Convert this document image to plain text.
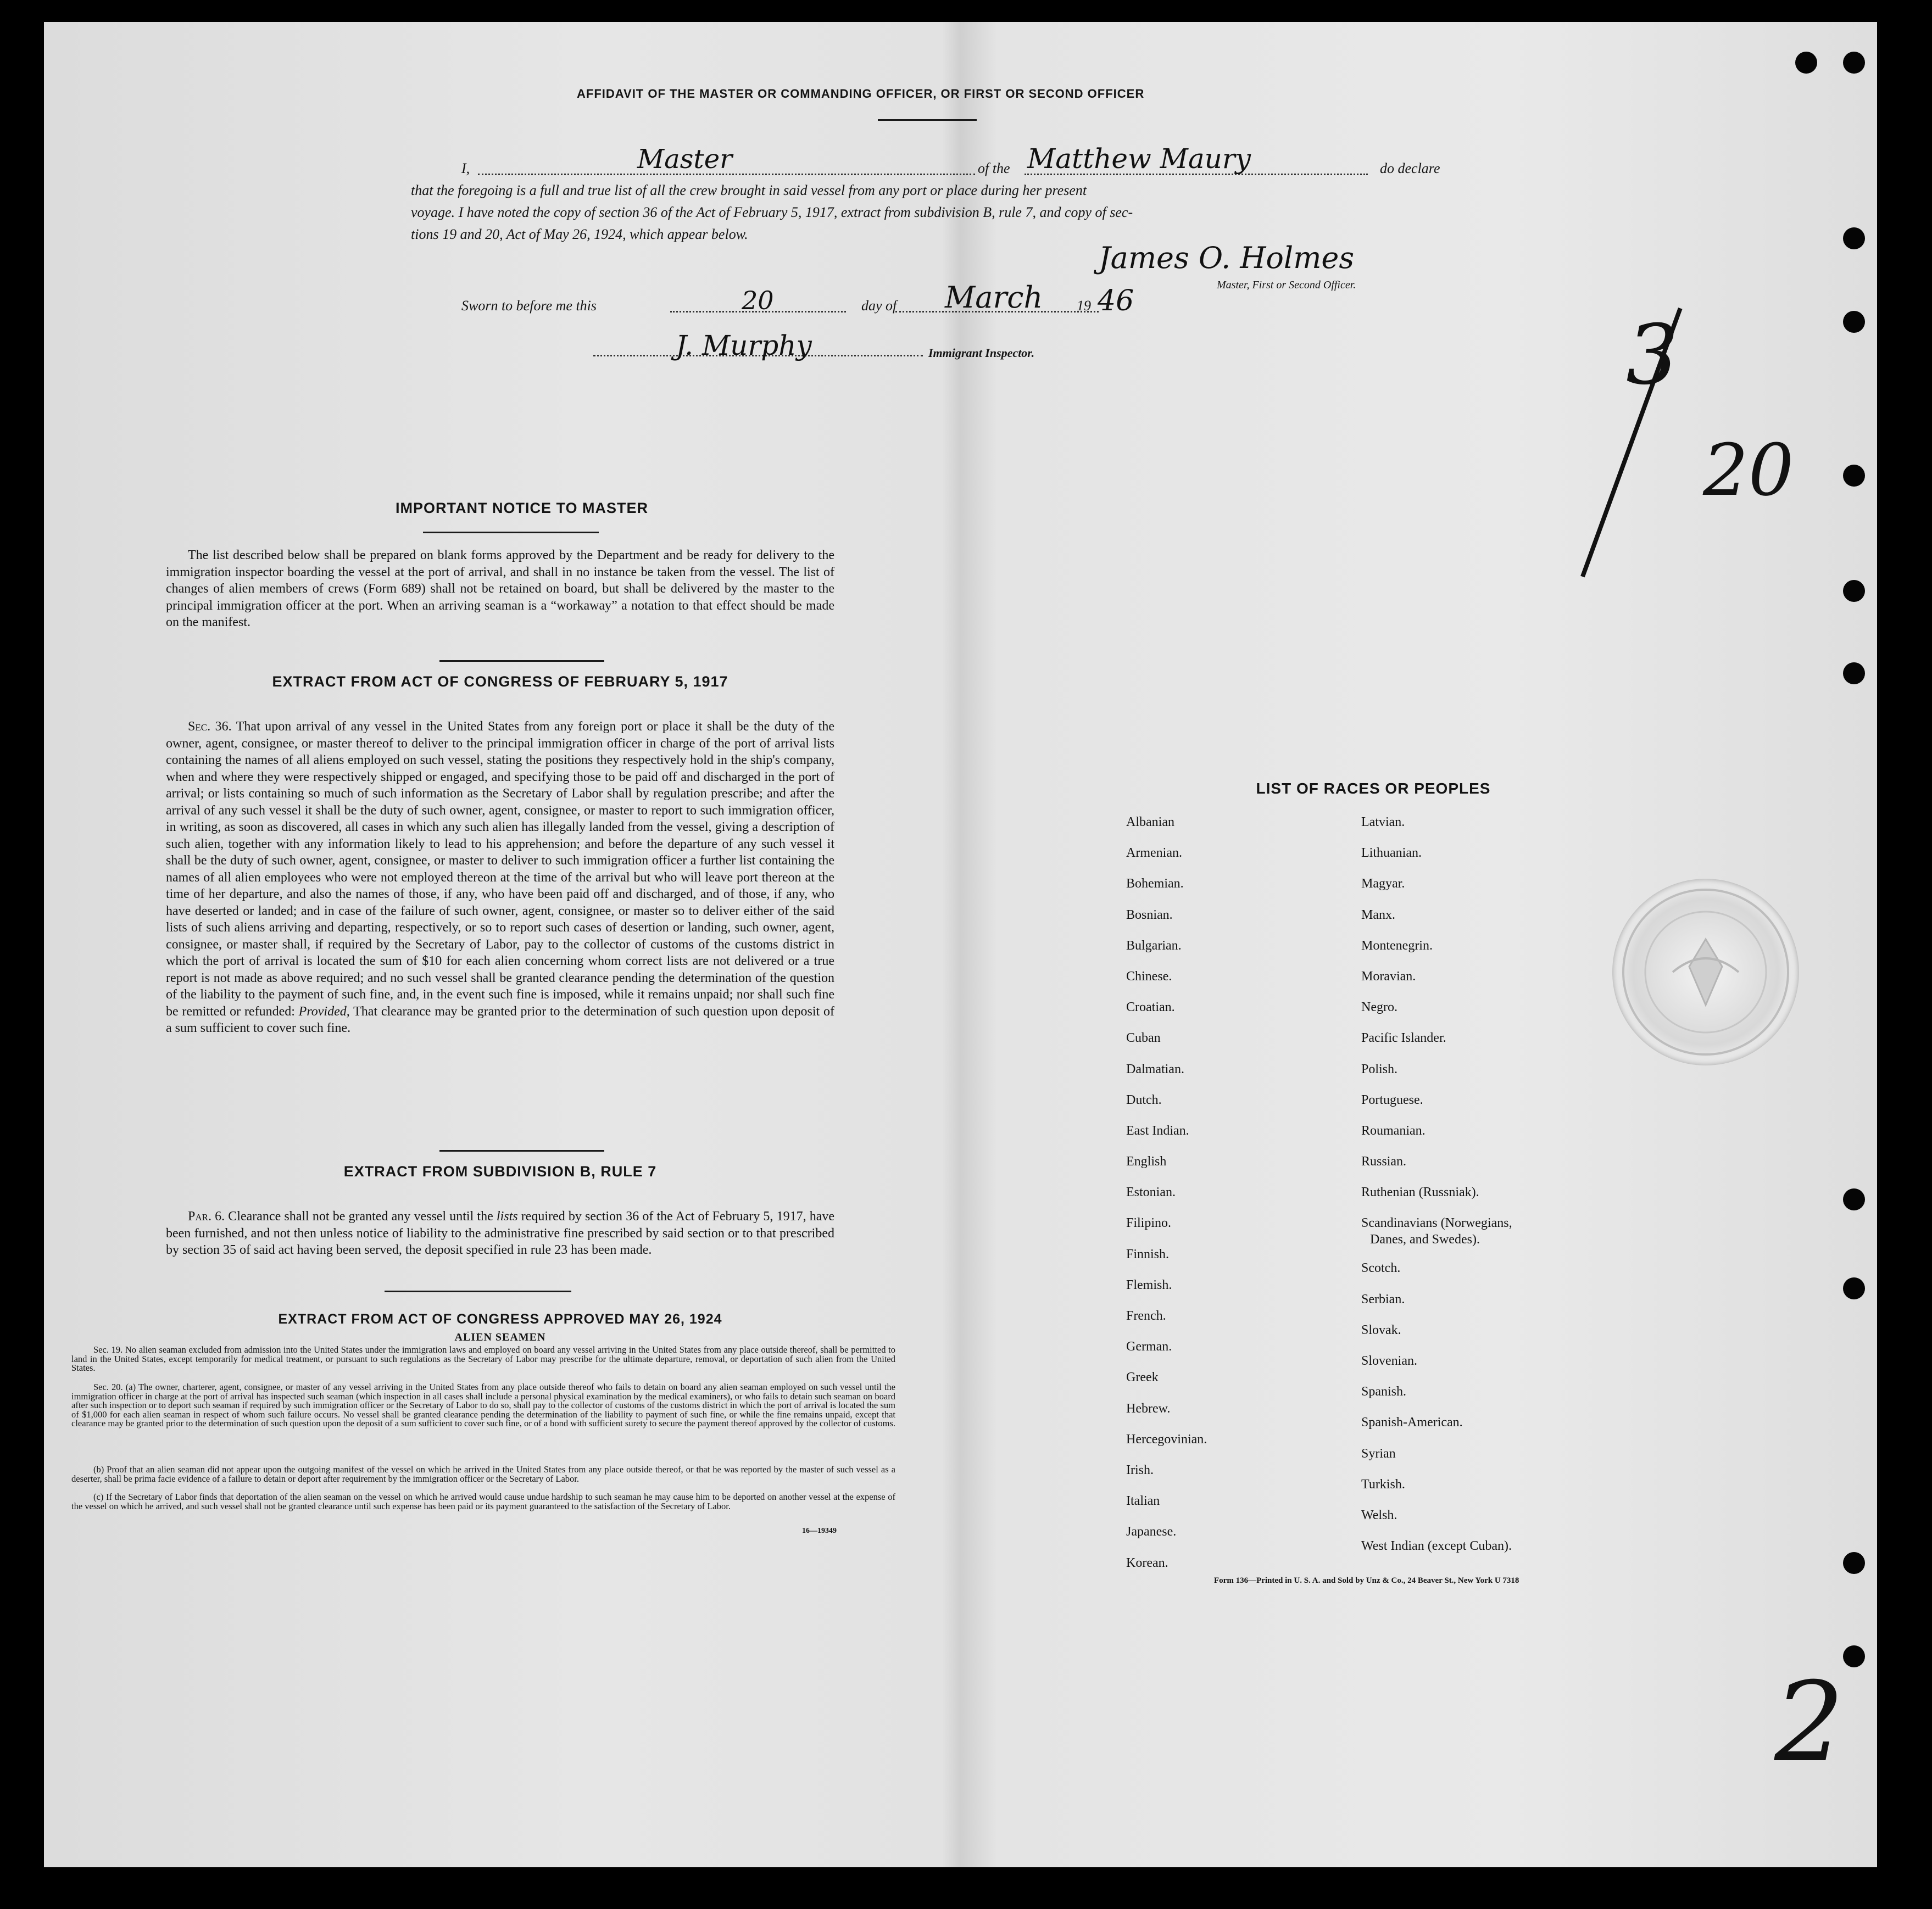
AFFIDAVIT OF THE MASTER OR COMMANDING OFFICER, OR FIRST OR SECOND OFFICER
I,	Master	of the Matthew Maury	do declare
that the foregoing is a full and true list of all the crew brought in said vessel from any port or place during her present
voyage. I have noted the copy of section 36 of the Act of February 5, 1917, extract from subdivision B, rule 7, and copy of sec-
tions 19 and 20, Act of May 26, 1924, which appear below.
James O. Holmes
Master, First or Second Officer.
Sworn to before me this	20	day of March 19 46
J. Murphy	Immigrant Inspector.	3
20
2
IMPORTANT NOTICE TO MASTER
The list described below shall be prepared on blank forms approved by the Department and be ready for delivery to the immigration inspector boarding the vessel at the port of arrival, and shall in no instance be taken from the vessel. The list of changes of alien members of crews (Form 689) shall not be retained on board, but shall be delivered by the master to the principal immigration officer at the port. When an arriving seaman is a “workaway” a notation to that effect should be made on the manifest.
EXTRACT FROM ACT OF CONGRESS OF FEBRUARY 5, 1917
Sec. 36. That upon arrival of any vessel in the United States from any foreign port or place it shall be the duty of the owner, agent, consignee, or master thereof to deliver to the principal immigration officer in charge of the port of arrival lists containing the names of all aliens employed on such vessel, stating the positions they respectively hold in the ship's company, when and where they were respectively shipped or engaged, and specifying those to be paid off and discharged in the port of arrival; or lists containing so much of such information as the Secretary of Labor shall by regulation prescribe; and after the arrival of any such vessel it shall be the duty of such owner, agent, consignee, or master to report to such immigration officer, in writing, as soon as discovered, all cases in which any such alien has illegally landed from the vessel, giving a description of such alien, together with any information likely to lead to his apprehension; and before the departure of any such vessel it shall be the duty of such owner, agent, consignee, or master to deliver to such immigration officer a further list containing the names of all alien employees who were not employed thereon at the time of the arrival but who will leave port thereon at the time of her departure, and also the names of those, if any, who have been paid off and discharged, and of those, if any, who have deserted or landed; and in case of the failure of such owner, agent, consignee, or master so to deliver either of the said lists of such aliens arriving and departing, respectively, or so to report such cases of desertion or landing, such owner, agent, consignee, or master shall, if required by the Secretary of Labor, pay to the collector of customs of the customs district in which the port of arrival is located the sum of $10 for each alien concerning whom correct lists are not delivered or a true report is not made as above required; and no such vessel shall be granted clearance pending the determination of the question of the liability to the payment of such fine, and, in the event such fine is imposed, while it remains unpaid; nor shall such fine be remitted or refunded: Provided, That clearance may be granted prior to the determination of such question upon deposit of a sum sufficient to cover such fine.
EXTRACT FROM SUBDIVISION B, RULE 7
Par. 6. Clearance shall not be granted any vessel until the lists required by section 36 of the Act of February 5, 1917, have been furnished, and not then unless notice of liability to the administrative fine prescribed by said section or to that prescribed by section 35 of said act having been served, the deposit specified in rule 23 has been made.
EXTRACT FROM ACT OF CONGRESS APPROVED MAY 26, 1924
ALIEN SEAMEN
Sec. 19. No alien seaman excluded from admission into the United States under the immigration laws and employed on board any vessel arriving in the United States from any place outside thereof, shall be permitted to land in the United States, except temporarily for medical treatment, or pursuant to such regulations as the Secretary of Labor may prescribe for the ultimate departure, removal, or deportation of such alien from the United States.
Sec. 20. (a) The owner, charterer, agent, consignee, or master of any vessel arriving in the United States from any place outside thereof who fails to detain on board any alien seaman employed on such vessel until the immigration officer in charge at the port of arrival has inspected such seaman (which inspection in all cases shall include a personal physical examination by the medical examiners), or who fails to detain such seaman on board after such inspection or to deport such seaman if required by such immigration officer or the Secretary of Labor to do so, shall pay to the collector of customs of the customs district in which the port of arrival is located the sum of $1,000 for each alien seaman in respect of whom such failure occurs. No vessel shall be granted clearance pending the determination of the liability to payment of such fine, or while the fine remains unpaid, except that clearance may be granted prior to the determination of such question upon the deposit of a sum sufficient to cover such fine, or of a bond with sufficient surety to secure the payment thereof approved by the collector of customs.
(b) Proof that an alien seaman did not appear upon the outgoing manifest of the vessel on which he arrived in the United States from any place outside thereof, or that he was reported by the master of such vessel as a deserter, shall be prima facie evidence of a failure to detain or deport after requirement by the immigration officer or the Secretary of Labor.
(c) If the Secretary of Labor finds that deportation of the alien seaman on the vessel on which he arrived would cause undue hardship to such seaman he may cause him to be deported on another vessel at the expense of the vessel on which he arrived, and such vessel shall not be granted clearance until such expense has been paid or its payment guaranteed to the satisfaction of the Secretary of Labor.
16—19349
LIST OF RACES OR PEOPLES
Albanian
Armenian.
Bohemian.
Bosnian.
Bulgarian.
Chinese.
Croatian.
Cuban
Dalmatian.
Dutch.
East Indian.
English
Estonian.
Filipino.
Finnish.
Flemish.
French.
German.
Greek
Hebrew.
Hercegovinian.
Irish.
Italian
Japanese.
Korean.
Latvian.
Lithuanian.
Magyar.
Manx.
Montenegrin.
Moravian.
Negro.
Pacific Islander.
Polish.
Portuguese.
Roumanian.
Russian.
Ruthenian (Russniak).
Scandinavians (Norwegians,
Danes, and Swedes).
Scotch.
Serbian.
Slovak.
Slovenian.
Spanish.
Spanish-American.
Syrian
Turkish.
Welsh.
West Indian (except Cuban).
Form 136—Printed in U. S. A. and Sold by Unz & Co., 24 Beaver St., New York U 7318
